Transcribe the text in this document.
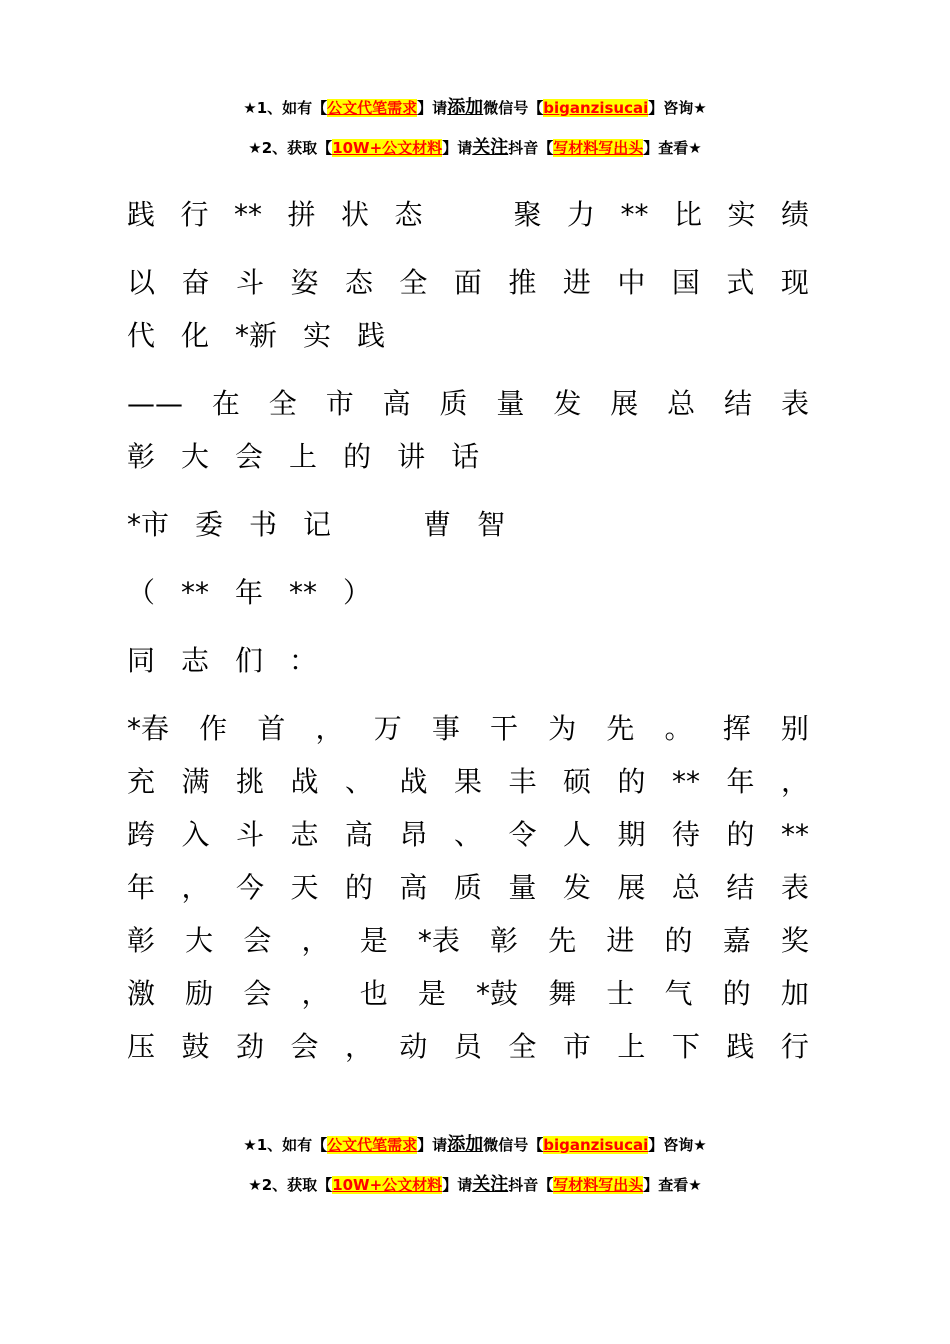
★1、如有【公文代笔需求】请添加微信号【biganzisucai】咨询★
★2、获取【10W+公文材料】请关注抖音【写材料写出头】查看★
践 行 ** 拼 状 态	聚 力 ** 比 实 绩
以 奋 斗 姿 态 全 面 推 进 中 国 式 现
代 化 *新 实 践
—— 在 全 市 高 质 量 发 展 总 结 表
彰 大 会 上 的 讲 话
*市 委 书 记	曹 智
（ ** 年 ** ）
同 志 们 ：
*春 作 首 ， 万 事 干 为 先 。 挥 别
充 满 挑 战 、 战 果 丰 硕 的 ** 年 ，
跨 入 斗 志 高 昂 、 令 人 期 待 的 **
年 ， 今 天 的 高 质 量 发 展 总 结 表
彰 大 会 ， 是 *表 彰 先 进 的 嘉 奖
激 励 会 ， 也 是 *鼓 舞 士 气 的 加
压 鼓 劲 会 ， 动 员 全 市 上 下 践 行
★1、如有【公文代笔需求】请添加微信号【biganzisucai】咨询★
★2、获取【10W+公文材料】请关注抖音【写材料写出头】查看★
